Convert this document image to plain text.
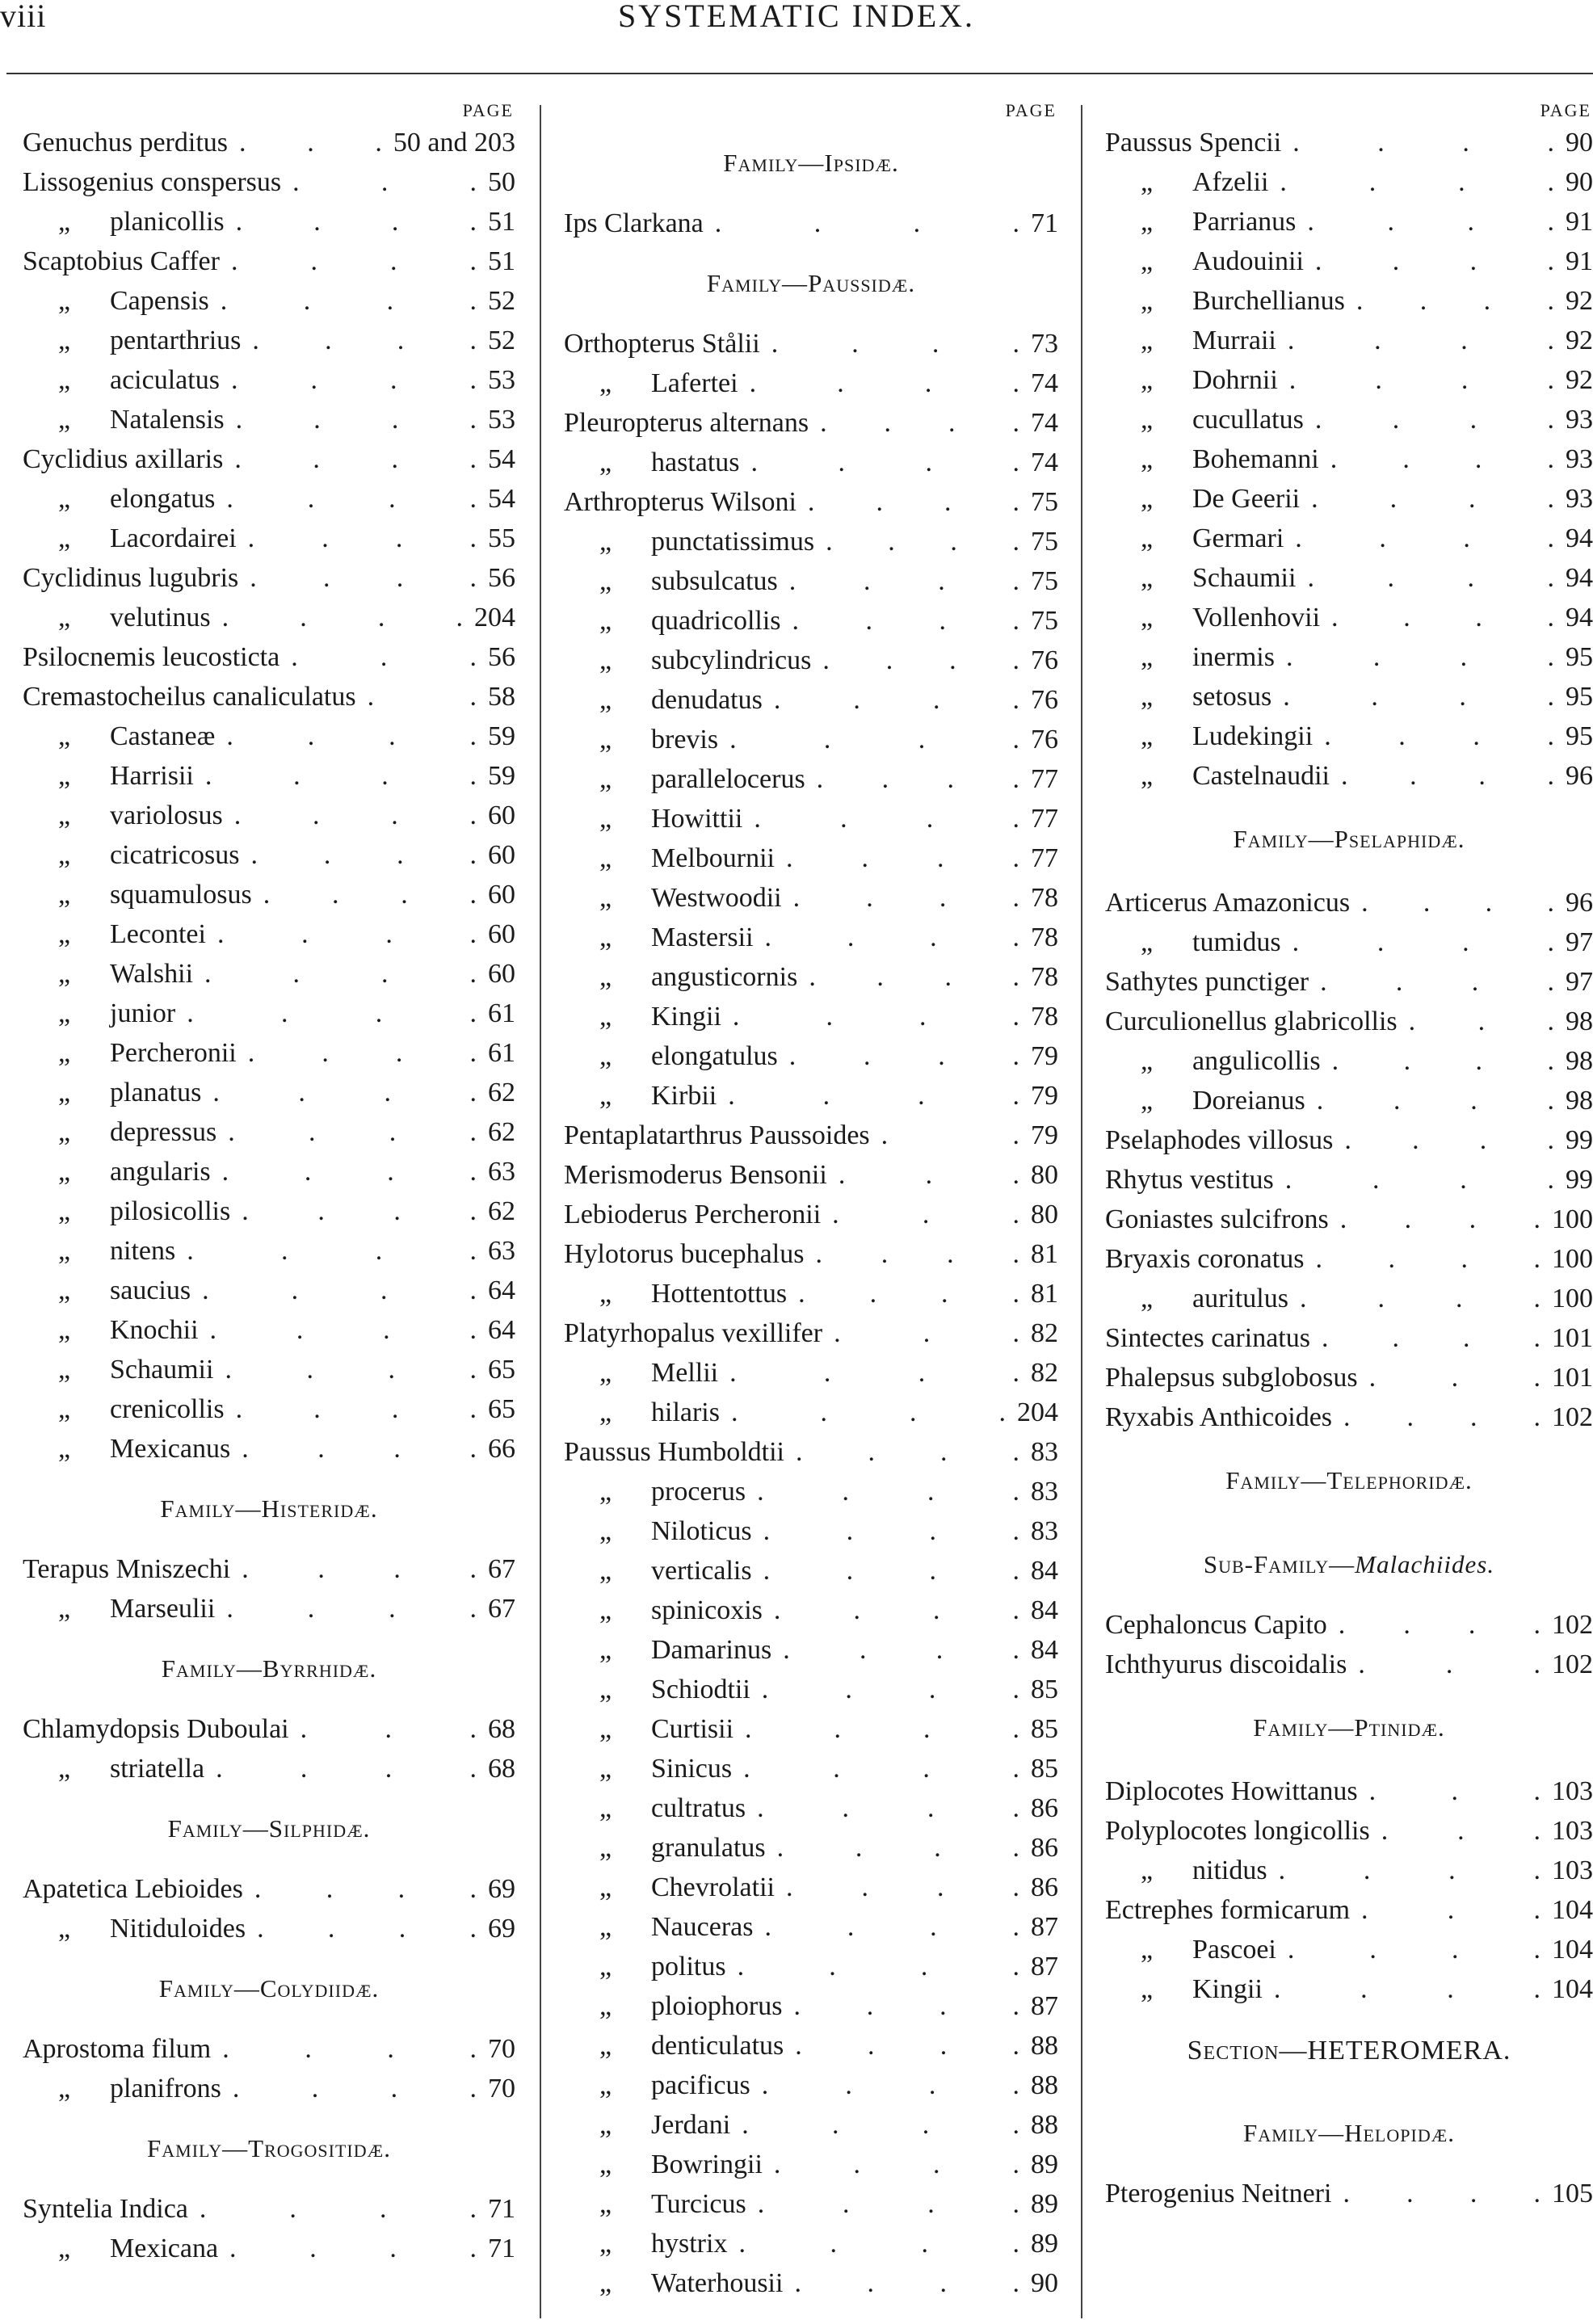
viii	SYSTEMATIC INDEX.
PAGE
Genuchus perditus	50 and 203
. . .
Lissogenius conspersus	50
.	.	.
„ planicollis	51
.	.	.	.
Scaptobius Caffer	51
.	.	.	.
„ Capensis	52
.	.	.	.
„ pentarthrius	52
. . . .
„ aciculatus	53
.	.	.	.
„ Natalensis	53
.	.	.	.
Cyclidius axillaris	54
.	.	.	.
„ elongatus	54
.	.	.	.
„ Lacordairei	55
. . . .
Cyclidinus lugubris	56
. . . .
„ velutinus	204
.	.	.	.
Psilocnemis leucosticta	56
.	.	.
Cremastocheilus canaliculatus	58
.	.
„ Castaneæ	59
.	.	.	.
„ Harrisii	59
.	.	.	.
„ variolosus	60
.	.	.	.
„ cicatricosus	60
. . . .
„ squamulosus	60
. . . .
„ Lecontei	60
.	.	.	.
„ Walshii	60
.	.	.	.
„ junior	61
.	.	.	.
„ Percheronii	61
. . . .
„ planatus	62
.	.	.	.
„ depressus	62
.	.	.	.
„ angularis	63
.	.	.	.
„ pilosicollis	62
.	.	.	.
„ nitens	63
.	.	.	.
„ saucius	64
.	.	.	.
„ Knochii	64
.	.	.	.
„ Schaumii	65
.	.	.	.
„ crenicollis	65
.	.	.	.
„ Mexicanus	66
.	.	.	.
Family—Histeridæ.
Terapus Mniszechi	67
.	.	.	.
„ Marseulii	67
.	.	.	.
Family—Byrrhidæ.
Chlamydopsis Duboulai	68
.	.	.
„ striatella	68
.	.	.	.
Family—Silphidæ.
Apatetica Lebioides	69
. . . .
„ Nitiduloides	69
. . . .
Family—Colydiidæ.
Aprostoma filum	70
.	.	.	.
„ planifrons	70
.	.	.	.
Family—Trogositidæ.
Syntelia Indica	71
.	.	.	.
„ Mexicana	71
.	.	.	.
PAGE
Family—Ipsidæ.
Ips Clarkana	71
.	.	.	.
Family—Paussidæ.
Orthopterus Stålii	73
.	.	.	.
„ Lafertei	74
.	.	.	.
Pleuropterus alternans	74
. . . .
„ hastatus	74
.	.	.	.
Arthropterus Wilsoni	75
. . . .
„ punctatissimus	75
. . . .
„ subsulcatus	75
. . . .
„ quadricollis	75
. . . .
„ subcylindricus	76
. . . .
„ denudatus	76
.	.	.	.
„ brevis	76
.	.	.	.
„ parallelocerus	77
. . . .
„ Howittii	77
.	.	.	.
„ Melbournii	77
.	.	.	.
„ Westwoodii	78
. . . .
„ Mastersii	78
.	.	.	.
„ angusticornis	78
. . . .
„ Kingii	78
.	.	.	.
„ elongatulus	79
. . . .
„ Kirbii	79
.	.	.	.
Pentaplatarthrus Paussoides	79
.	.
Merismoderus Bensonii	80
.	.	.
Lebioderus Percheronii	80
.	.	.
Hylotorus bucephalus	81
. . . .
„ Hottentottus	81
. . . .
Platyrhopalus vexillifer	82
.	.	.
„ Mellii	82
.	.	.	.
„ hilaris	204
.	.	.	.
Paussus Humboldtii	83
. . . .
„ procerus	83
.	.	.	.
„ Niloticus	83
.	.	.	.
„ verticalis	84
.	.	.	.
„ spinicoxis	84
.	.	.	.
„ Damarinus	84
.	.	.	.
„ Schiodtii	85
.	.	.	.
„ Curtisii	85
.	.	.	.
„ Sinicus	85
.	.	.	.
„ cultratus	86
.	.	.	.
„ granulatus	86
.	.	.	.
„ Chevrolatii	86
.	.	.	.
„ Nauceras	87
.	.	.	.
„ politus	87
.	.	.	.
„ ploiophorus	87
. . . .
„ denticulatus	88
. . . .
„ pacificus	88
.	.	.	.
„ Jerdani	88
.	.	.	.
„ Bowringii	89
.	.	.	.
„ Turcicus	89
.	.	.	.
„ hystrix	89
.	.	.	.
„ Waterhousii	90
. . . .
PAGE
Paussus Spencii	90
.	.	.	.
„ Afzelii	90
.	.	.	.
„ Parrianus	91
.	.	.	.
„ Audouinii	91
.	.	.	.
„ Burchellianus	92
. . . .
„ Murraii	92
.	.	.	.
„ Dohrnii	92
.	.	.	.
„ cucullatus	93
.	.	.	.
„ Bohemanni	93
. . . .
„ De Geerii	93
.	.	.	.
„ Germari	94
.	.	.	.
„ Schaumii	94
.	.	.	.
„ Vollenhovii	94
. . . .
„ inermis	95
.	.	.	.
„ setosus	95
.	.	.	.
„ Ludekingii	95
. . . .
„ Castelnaudii	96
. . . .
Family—Pselaphidæ.
Articerus Amazonicus	96
. . . .
„ tumidus	97
.	.	.	.
Sathytes punctiger	97
.	.	.	.
Curculionellus glabricollis	98
. . .
„ angulicollis	98
. . . .
„ Doreianus	98
.	.	.	.
Pselaphodes villosus	99
. . . .
Rhytus vestitus	99
.	.	.	.
Goniastes sulcifrons	100
. . . .
Bryaxis coronatus	100
. . . .
„ auritulus	100
.	.	.	.
Sintectes carinatus	101
. . . .
Phalepsus subglobosus	101
.	.	.
Ryxabis Anthicoides	102
. . . .
Family—Telephoridæ.
Sub-Family—Malachiides.
Cephaloncus Capito	102
. . . .
Ichthyurus discoidalis	102
.	.	.
Family—Ptinidæ.
Diplocotes Howittanus	103
.	.	.
Polyplocotes longicollis	103
.	.	.
„ nitidus	103
.	.	.	.
Ectrephes formicarum	104
.	.	.
„ Pascoei	104
.	.	.	.
„ Kingii	104
.	.	.	.
Section—HETEROMERA.
Family—Helopidæ.
Pterogenius Neitneri	105
. . . .
